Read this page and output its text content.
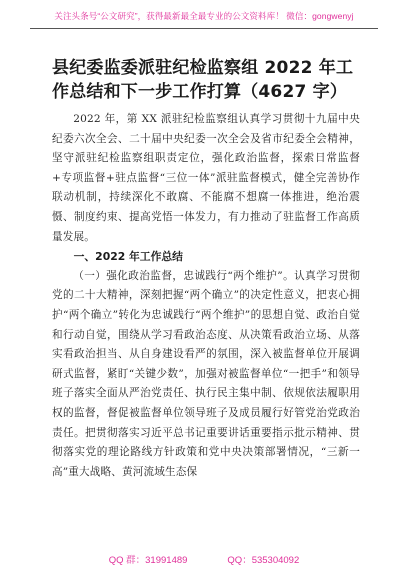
关注头条号“公文研究”，获得最新最全最专业的公文资料库！ 微信：gongwenyj
县纪委监委派驻纪检监察组 2022 年工作总结和下一步工作打算（4627 字）

2022 年，第 XX 派驻纪检监察组认真学习贯彻十九届中央纪委六次全会、二十届中央纪委一次全会及省市纪委全会精神，坚守派驻纪检监察组职责定位，强化政治监督，探索日常监督+专项监督+驻点监督“三位一体”派驻监督模式，健全完善协作联动机制，持续深化不敢腐、不能腐不想腐一体推进，绝治震慑、制度约束、提高党悟一体发力，有力推动了驻监督工作高质量发展。

一、2022 年工作总结

（一）强化政治监督，忠诚践行“两个维护”。认真学习贯彻党的二十大精神，深刻把握“两个确立”的决定性意义，把衷心拥护“两个确立”转化为忠诚践行“两个维护”的思想自觉、政治自觉和行动自觉，围绕从学习看政治态度、从决策看政治立场、从落实看政治担当、从自身建设看严的氛围，深入被监督单位开展调研式监督，紧盯“关键少数”，加强对被监督单位“一把手”和领导班子落实全面从严治党责任、执行民主集中制、依规依法履职用权的监督，督促被监督单位领导班子及成员履行好管党治党政治责任。把贯彻落实习近平总书记重要讲话重要指示批示精神、贯彻落实党的理论路线方针政策和党中央决策部署情况，“三新一高”重大战略、黄河流域生态保

QQ 群：31991489	QQ：535304092
